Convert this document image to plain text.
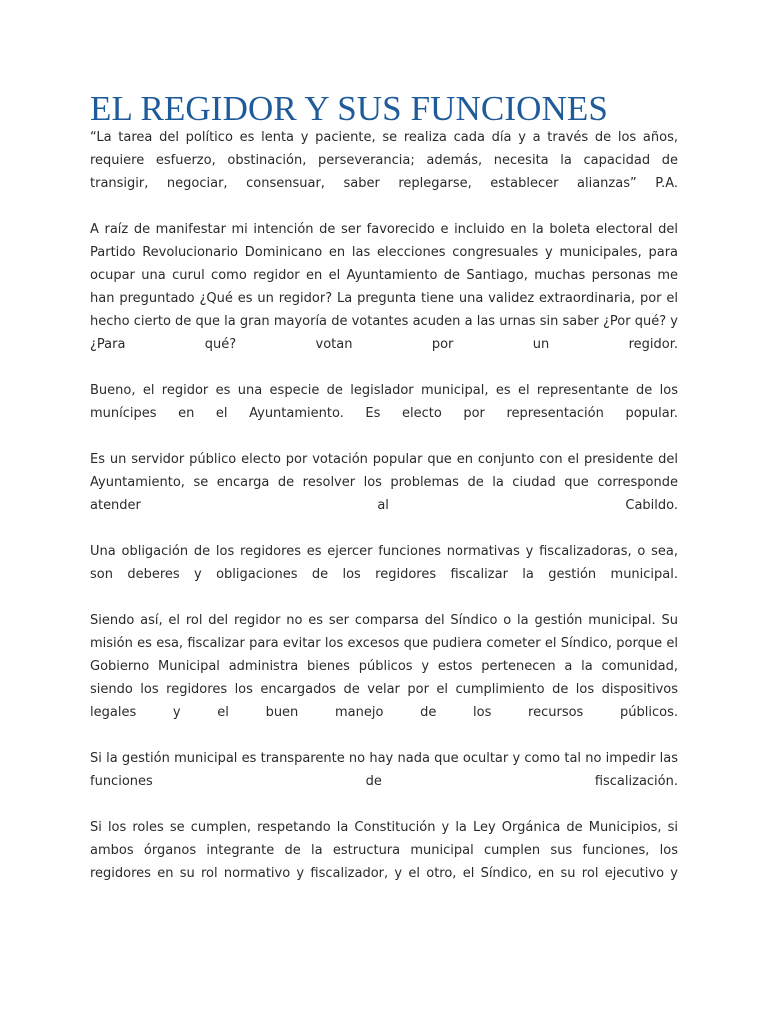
EL REGIDOR Y SUS FUNCIONES

“La tarea del político es lenta y paciente, se realiza cada día y a través de los años, requiere esfuerzo, obstinación, perseverancia; además, necesita la capacidad de transigir, negociar, consensuar, saber replegarse, establecer alianzas” P.A.

A raíz de manifestar mi intención de ser favorecido e incluido en la boleta electoral del Partido Revolucionario Dominicano en las elecciones congresuales y municipales, para ocupar una curul como regidor en el Ayuntamiento de Santiago, muchas personas me han preguntado ¿Qué es un regidor? La pregunta tiene una validez extraordinaria, por el hecho cierto de que la gran mayoría de votantes acuden a las urnas sin saber ¿Por qué? y ¿Para qué? votan por un regidor.

Bueno, el regidor es una especie de legislador municipal, es el representante de los munícipes en el Ayuntamiento. Es electo por representación popular.

Es un servidor público electo por votación popular que en conjunto con el presidente del Ayuntamiento, se encarga de resolver los problemas de la ciudad que corresponde atender al Cabildo.

Una obligación de los regidores es ejercer funciones normativas y fiscalizadoras, o sea, son deberes y obligaciones de los regidores fiscalizar la gestión municipal.

Siendo así, el rol del regidor no es ser comparsa del Síndico o la gestión municipal. Su misión es esa, fiscalizar para evitar los excesos que pudiera cometer el Síndico, porque el Gobierno Municipal administra bienes públicos y estos pertenecen a la comunidad, siendo los regidores los encargados de velar por el cumplimiento de los dispositivos legales y el buen manejo de los recursos públicos.

Si la gestión municipal es transparente no hay nada que ocultar y como tal no impedir las funciones de fiscalización.

Si los roles se cumplen, respetando la Constitución y la Ley Orgánica de Municipios, si ambos órganos integrante de la estructura municipal cumplen sus funciones, los regidores en su rol normativo y fiscalizador, y el otro, el Síndico, en su rol ejecutivo y
